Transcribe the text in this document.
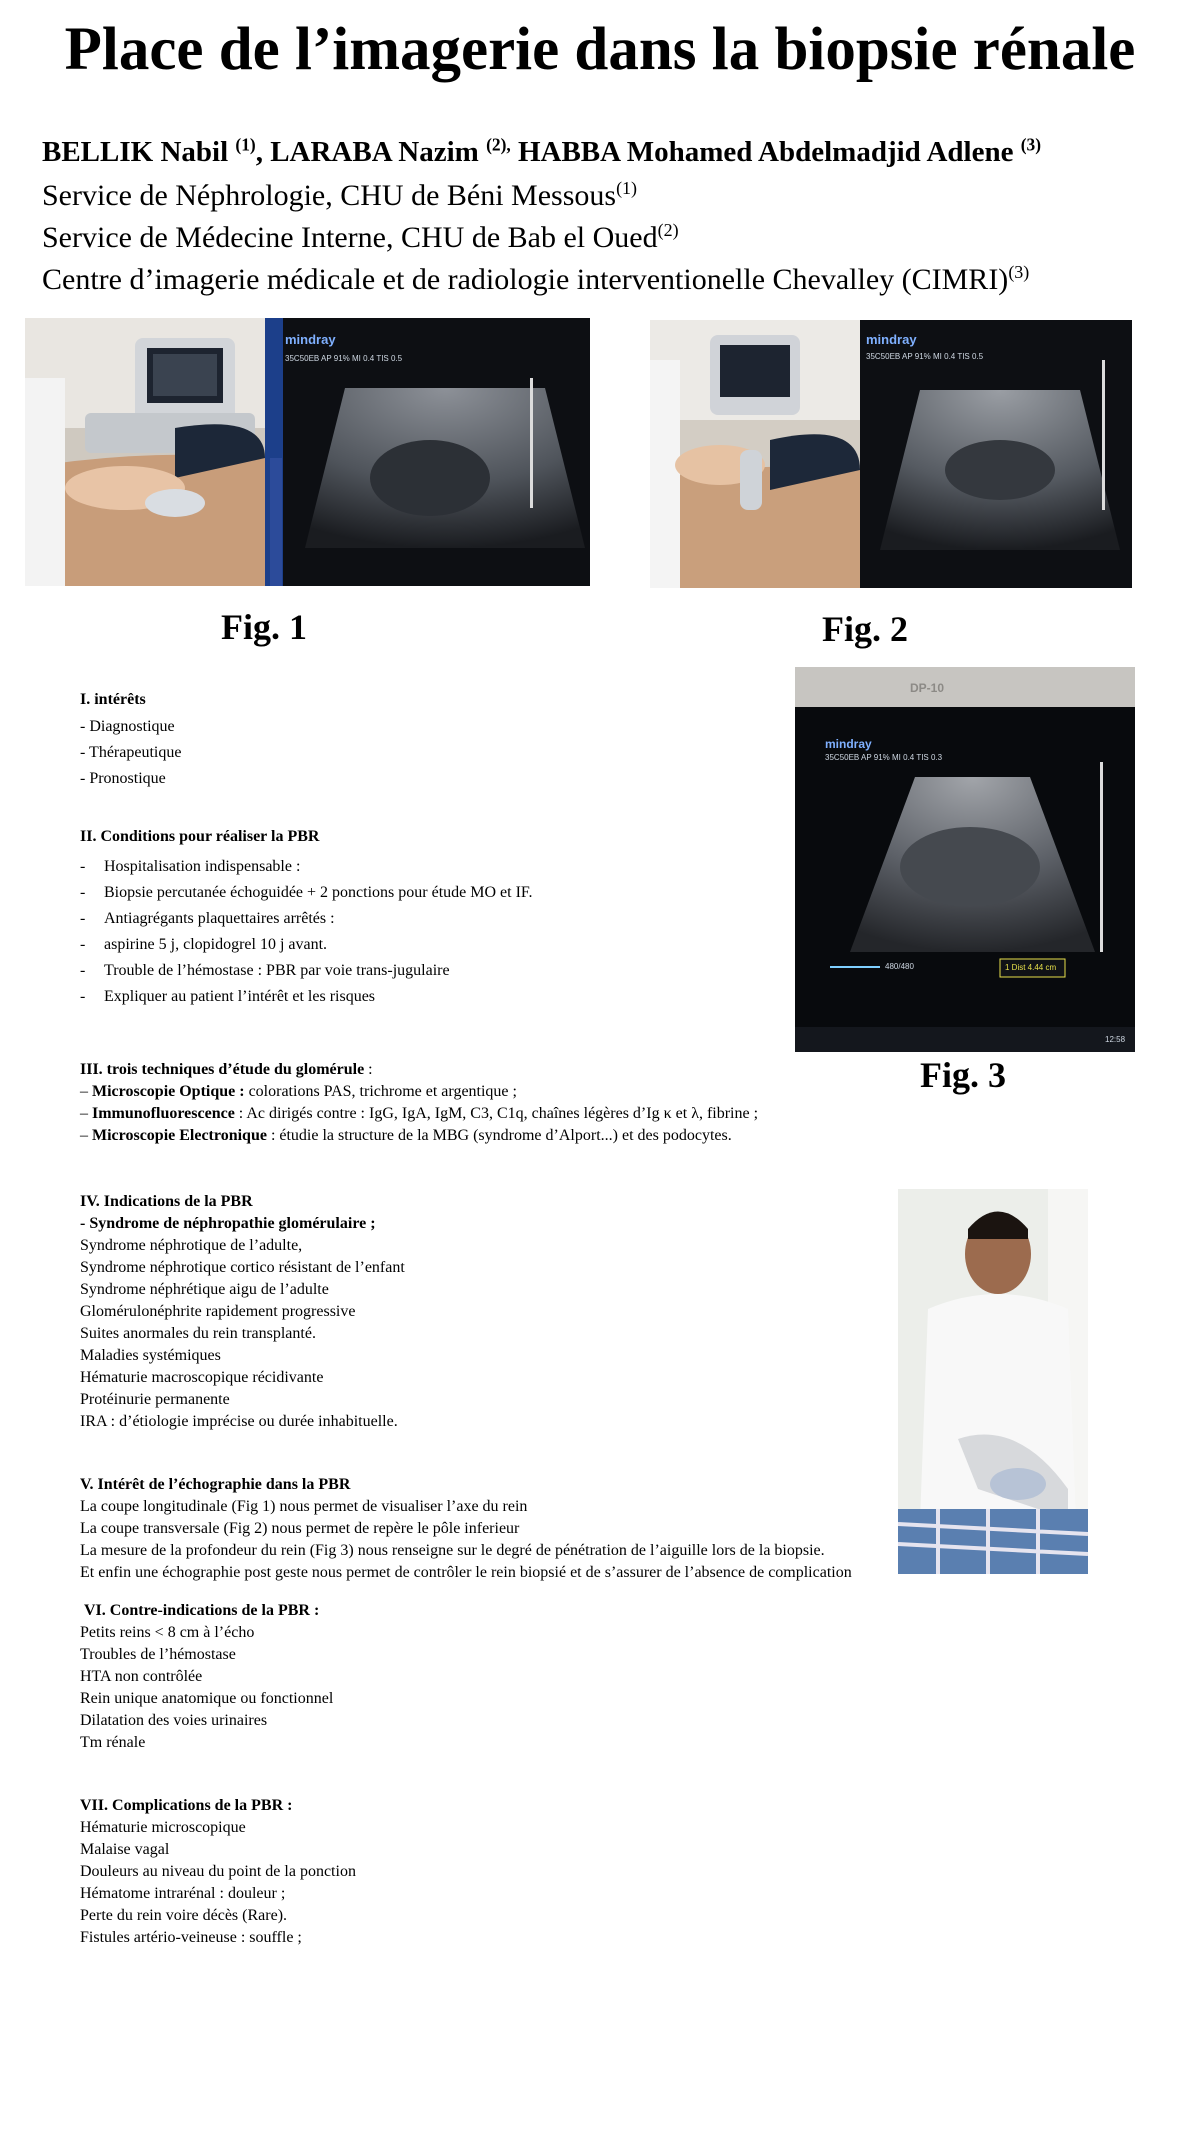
Place de l’imagerie dans la biopsie rénale
BELLIK Nabil $^{(1)}$, LARABA Nazim $^{(2),}$ HABBA Mohamed Abdelmadjid Adlene $^{(3)}$
Service de Néphrologie, CHU de Béni Messous$^{(1)}$
Service de Médecine Interne, CHU de Bab el Oued$^{(2)}$
Centre d’imagerie médicale et de radiologie interventionelle Chevalley (CIMRI)$^{(3)}$
mindray
35C50EB AP 91% MI 0.4 TIS 0.5
Fig. 1
mindray
35C50EB AP 91% MI 0.4 TIS 0.5
Fig. 2
DP-10
mindray
35C50EB AP 91% MI 0.4 TIS 0.3
1 Dist 4.44 cm
480/480
12:58
Fig. 3
I. intérêts
- Diagnostique
- Thérapeutique
- Pronostique
II. Conditions pour réaliser la PBR
- Hospitalisation indispensable :
- Biopsie percutanée échoguidée + 2 ponctions pour étude MO et IF.
- Antiagrégants plaquettaires arrêtés :
- aspirine 5 j, clopidogrel 10 j avant.
- Trouble de l’hémostase : PBR par voie trans-jugulaire
- Expliquer au patient l’intérêt et les risques
III. trois techniques d’étude du glomérule :
– Microscopie Optique : colorations PAS, trichrome et argentique ;
– Immunofluorescence : Ac dirigés contre : IgG, IgA, IgM, C3, C1q, chaînes légères d’Ig κ et λ, fibrine ;
– Microscopie Electronique : étudie la structure de la MBG (syndrome d’Alport...) et des podocytes.
IV. Indications de la PBR
- Syndrome de néphropathie glomérulaire ;
Syndrome néphrotique de l’adulte,
Syndrome néphrotique cortico résistant de l’enfant
Syndrome néphrétique aigu de l’adulte
Glomérulonéphrite rapidement progressive
Suites anormales du rein transplanté.
Maladies systémiques
Hématurie macroscopique récidivante
Protéinurie permanente
IRA : d’étiologie imprécise ou durée inhabituelle.
V. Intérêt de l’échographie dans la PBR
La coupe longitudinale (Fig 1) nous permet de visualiser l’axe du rein
La coupe transversale (Fig 2) nous permet de repère le pôle inferieur
La mesure de la profondeur du rein (Fig 3) nous renseigne sur le degré de pénétration de l’aiguille lors de la biopsie.
Et enfin une échographie post geste nous permet de contrôler le rein biopsié et de s’assurer de l’absence de complication
VI. Contre-indications de la PBR :
Petits reins < 8 cm à l’écho
Troubles de l’hémostase
HTA non contrôlée
Rein unique anatomique ou fonctionnel
Dilatation des voies urinaires
Tm rénale
VII. Complications de la PBR :
Hématurie microscopique
Malaise vagal
Douleurs au niveau du point de la ponction
Hématome intrarénal : douleur ;
Perte du rein voire décès (Rare).
Fistules artério-veineuse : souffle ;
